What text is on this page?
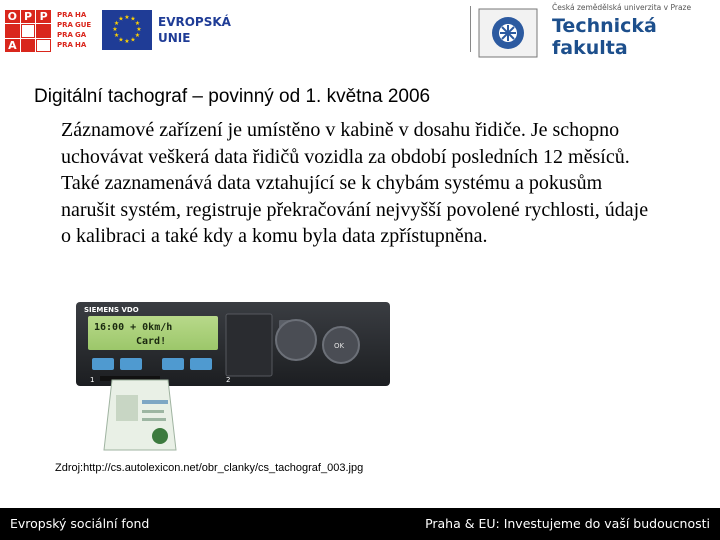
O P P
A
PRA HA
PRA GUE
PRA GA
PRA HA
★ ★
★
★
★
★
★
★
★
★
★
★	EVROPSKÁ
UNIE
Česká zemědělská univerzita v Praze
Technická
fakulta
Digitální tachograf – povinný od 1. května 2006
Záznamové zařízení je umístěno v kabině v dosahu řidiče. Je schopno uchovávat veškerá data řidičů vozidla za období posledních 12 měsíců. Také zaznamenává data vztahující se k chybám systému a pokusům narušit systém, registruje překračování nejvyšší povolené rychlosti, údaje o kalibraci a také kdy a komu byla data zpřístupněna.
SIEMENS VDO
16:00 + 0km/h
Card!	OK
1	2
Zdroj:http://cs.autolexicon.net/obr_clanky/cs_tachograf_003.jpg
Evropský sociální fond	Praha & EU: Investujeme do vaší budoucnosti
